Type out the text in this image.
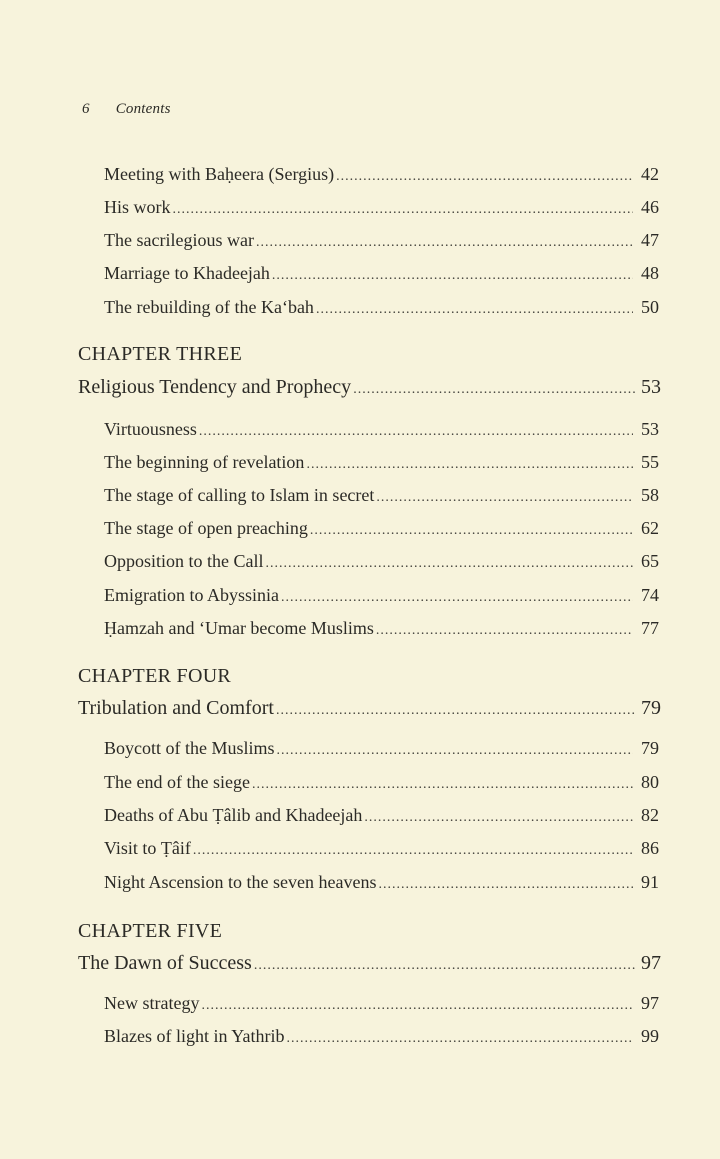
6 Contents
Meeting with Baḥeera (Sergius) .....	42
His work .....	46
The sacrilegious war .....	47
Marriage to Khadeejah .....	48
The rebuilding of the Ka‘bah .....	50
CHAPTER THREE
Religious Tendency and Prophecy .....	53
Virtuousness .....	53
The beginning of revelation .....	55
The stage of calling to Islam in secret .....	58
The stage of open preaching .....	62
Opposition to the Call .....	65
Emigration to Abyssinia .....	74
Ḥamzah and ‘Umar become Muslims .....	77
CHAPTER FOUR
Tribulation and Comfort .....	79
Boycott of the Muslims .....	79
The end of the siege .....	80
Deaths of Abu Ṭâlib and Khadeejah .....	82
Visit to Ṭâif .....	86
Night Ascension to the seven heavens .....	91
CHAPTER FIVE
The Dawn of Success .....	97
New strategy .....	97
Blazes of light in Yathrib .....	99
